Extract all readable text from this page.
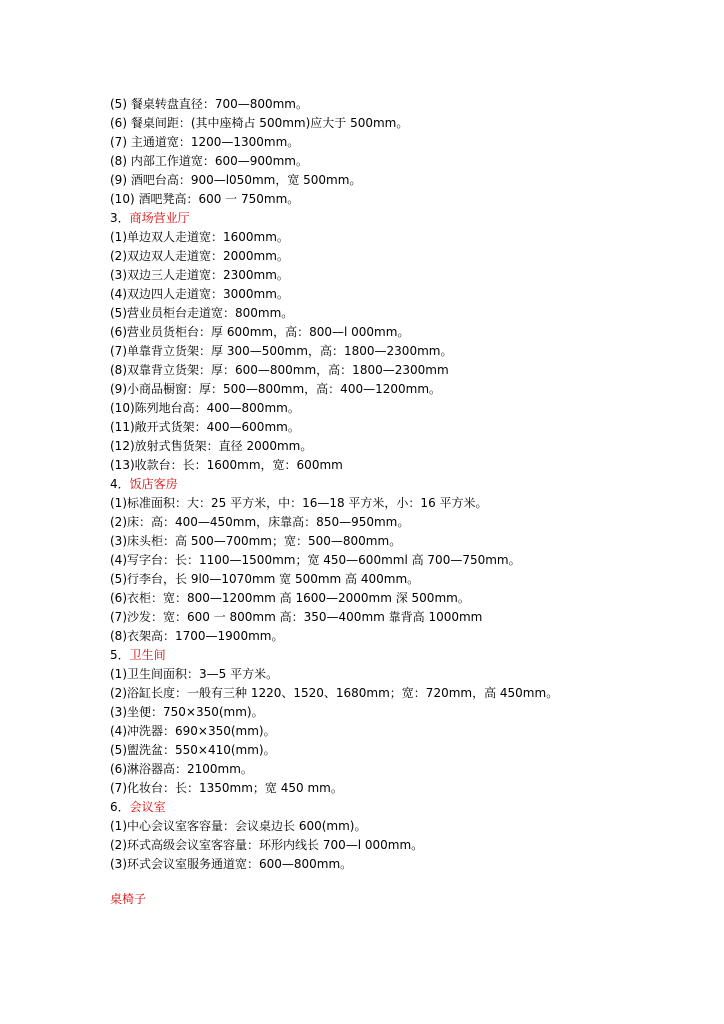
(5) 餐桌转盘直径：700—800mm。
(6) 餐桌间距：(其中座椅占 500mm)应大于 500mm。
(7) 主通道宽：1200—1300mm。
(8) 内部工作道宽：600—900mm。
(9) 酒吧台高：900—l050mm，宽 500mm。
(10) 酒吧凳高：600 一 750mm。
3．商场营业厅
(1)单边双人走道宽：1600mm。
(2)双边双人走道宽：2000mm。
(3)双边三人走道宽：2300mm。
(4)双边四人走道宽：3000mm。
(5)营业员柜台走道宽：800mm。
(6)营业员货柜台：厚 600mm，高：800—l 000mm。
(7)单靠背立货架：厚 300—500mm，高：1800—2300mm。
(8)双靠背立货架：厚：600—800mm，高：1800—2300mm
(9)小商品橱窗：厚：500—800mm，高：400—1200mm。
(10)陈列地台高：400—800mm。
(11)敞开式货架：400—600mm。
(12)放射式售货架：直径 2000mm。
(13)收款台：长：1600mm，宽：600mm
4．饭店客房
(1)标准面积：大：25 平方米，中：16—18 平方米，小：16 平方米。
(2)床：高：400—450mm，床靠高：850—950mm。
(3)床头柜：高 500—700mm；宽：500—800mm。
(4)写字台：长：1100—1500mm；宽 450—600mml 高 700—750mm。
(5)行李台，长 9l0—1070mm 宽 500mm 高 400mm。
(6)衣柜：宽：800—1200mm 高 1600—2000mm 深 500mm。
(7)沙发：宽：600 一 800mm 高：350—400mm 靠背高 1000mm
(8)衣架高：1700—1900mm。
5．卫生间
(1)卫生间面积：3—5 平方米。
(2)浴缸长度：一般有三种 1220、1520、1680mm；宽：720mm，高 450mm。
(3)坐便：750×350(mm)。
(4)冲洗器：690×350(mm)。
(5)盥洗盆：550×410(mm)。
(6)淋浴器高：2100mm。
(7)化妆台：长：1350mm；宽 450 mm。
6．会议室
(1)中心会议室客容量：会议桌边长 600(mm)。
(2)环式高级会议室客容量：环形内线长 700—l 000mm。
(3)环式会议室服务通道宽：600—800mm。
桌椅子
